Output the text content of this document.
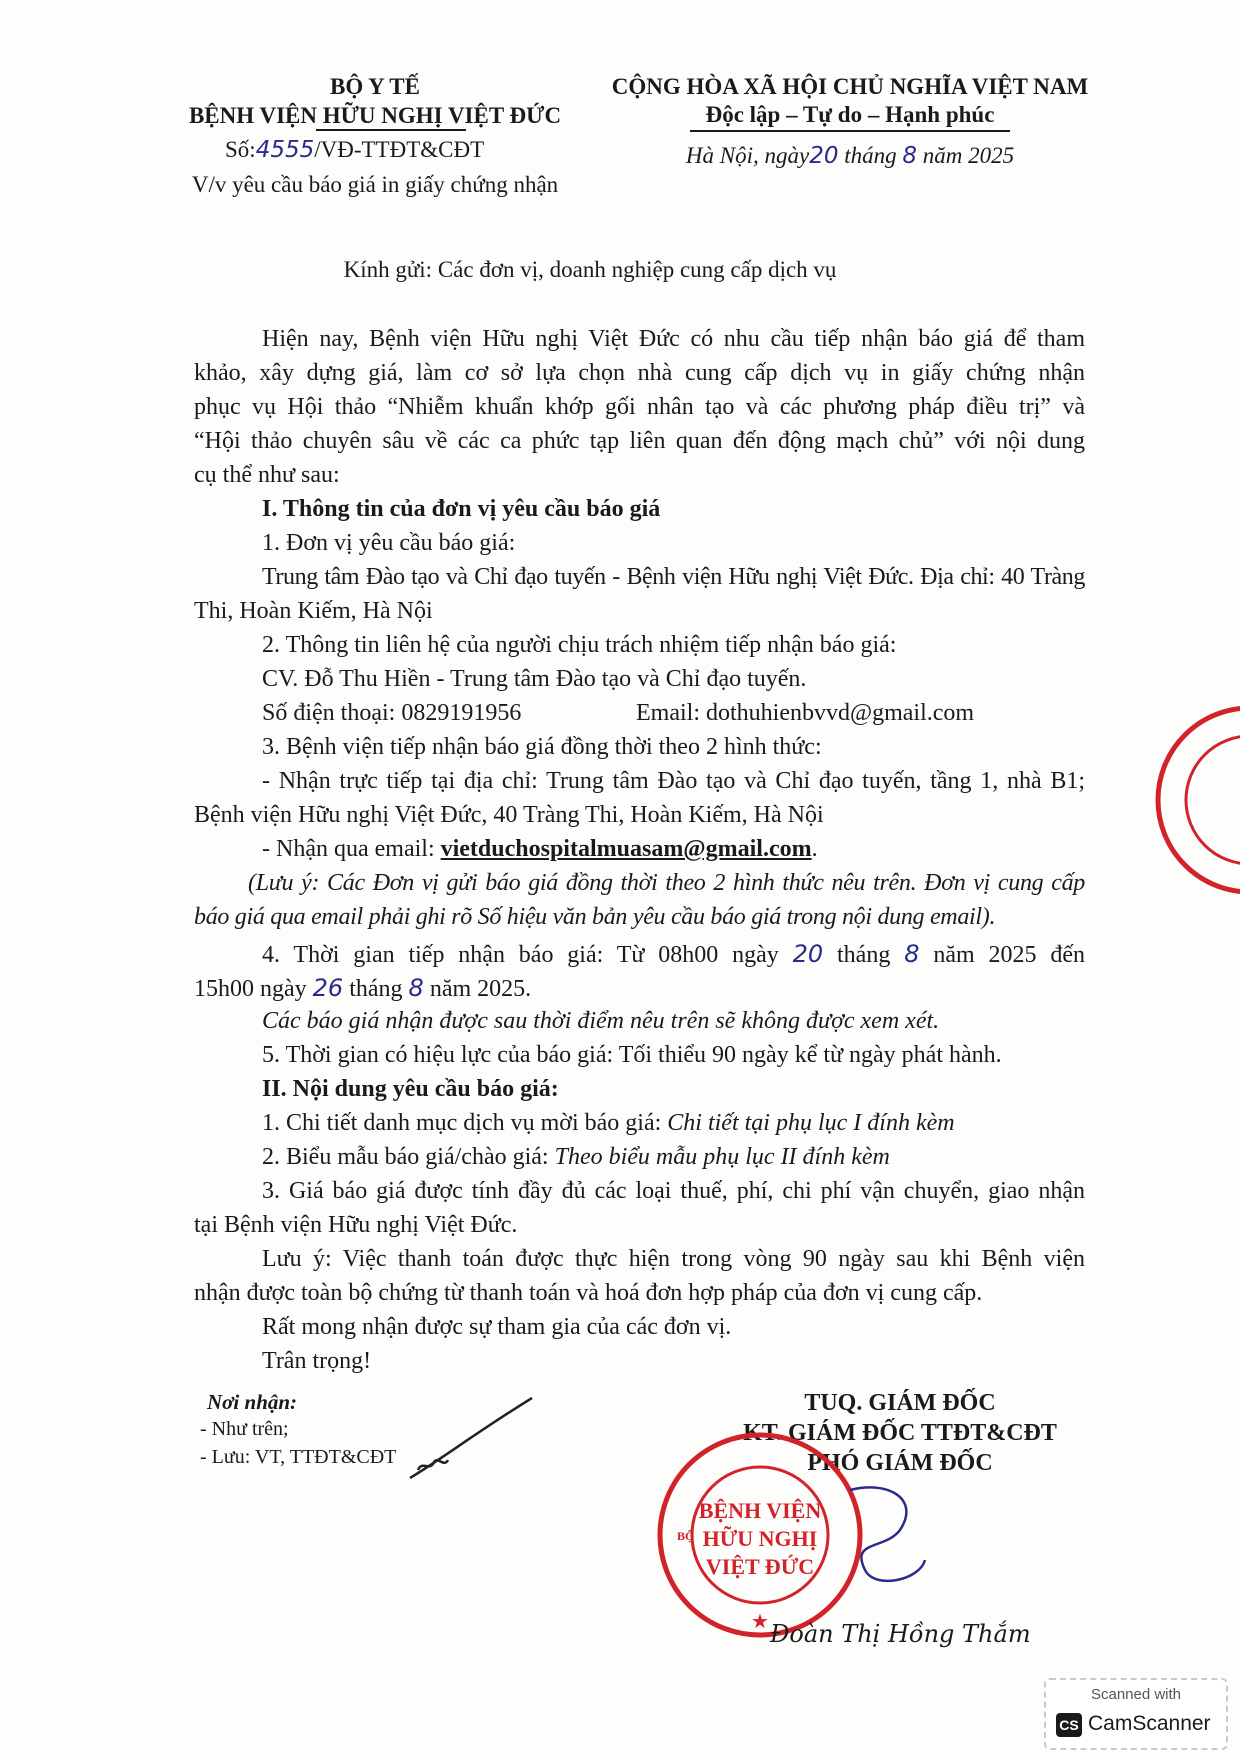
BỘ Y TẾ
BỆNH VIỆN HỮU NGHỊ VIỆT ĐỨC
Số:4555/VĐ-TTĐT&CĐT
V/v yêu cầu báo giá in giấy chứng nhận
CỘNG HÒA XÃ HỘI CHỦ NGHĨA VIỆT NAM
Độc lập – Tự do – Hạnh phúc
Hà Nội, ngày20 tháng 8 năm 2025
Kính gửi: Các đơn vị, doanh nghiệp cung cấp dịch vụ
Hiện nay, Bệnh viện Hữu nghị Việt Đức có nhu cầu tiếp nhận báo giá để tham
khảo, xây dựng giá, làm cơ sở lựa chọn nhà cung cấp dịch vụ in giấy chứng nhận
phục vụ Hội thảo “Nhiễm khuẩn khớp gối nhân tạo và các phương pháp điều trị” và
“Hội thảo chuyên sâu về các ca phức tạp liên quan đến động mạch chủ” với nội dung
cụ thể như sau:
I. Thông tin của đơn vị yêu cầu báo giá
1. Đơn vị yêu cầu báo giá:
Trung tâm Đào tạo và Chỉ đạo tuyến - Bệnh viện Hữu nghị Việt Đức. Địa chỉ: 40 Tràng
Thi, Hoàn Kiếm, Hà Nội
2. Thông tin liên hệ của người chịu trách nhiệm tiếp nhận báo giá:
CV. Đỗ Thu Hiền - Trung tâm Đào tạo và Chỉ đạo tuyến.
Số điện thoại: 0829191956	Email: dothuhienbvvd@gmail.com
3. Bệnh viện tiếp nhận báo giá đồng thời theo 2 hình thức:
- Nhận trực tiếp tại địa chỉ: Trung tâm Đào tạo và Chỉ đạo tuyến, tầng 1, nhà B1;
Bệnh viện Hữu nghị Việt Đức, 40 Tràng Thi, Hoàn Kiếm, Hà Nội
- Nhận qua email: vietduchospitalmuasam@gmail.com.
(Lưu ý: Các Đơn vị gửi báo giá đồng thời theo 2 hình thức nêu trên. Đơn vị cung cấp
báo giá qua email phải ghi rõ Số hiệu văn bản yêu cầu báo giá trong nội dung email).
4. Thời gian tiếp nhận báo giá: Từ 08h00 ngày 20 tháng 8 năm 2025 đến
15h00 ngày 26 tháng 8 năm 2025.
Các báo giá nhận được sau thời điểm nêu trên sẽ không được xem xét.
5. Thời gian có hiệu lực của báo giá: Tối thiểu 90 ngày kể từ ngày phát hành.
II. Nội dung yêu cầu báo giá:
1. Chi tiết danh mục dịch vụ mời báo giá: Chi tiết tại phụ lục I đính kèm
2. Biểu mẫu báo giá/chào giá: Theo biểu mẫu phụ lục II đính kèm
3. Giá báo giá được tính đầy đủ các loại thuế, phí, chi phí vận chuyển, giao nhận
tại Bệnh viện Hữu nghị Việt Đức.
Lưu ý: Việc thanh toán được thực hiện trong vòng 90 ngày sau khi Bệnh viện
nhận được toàn bộ chứng từ thanh toán và hoá đơn hợp pháp của đơn vị cung cấp.
Rất mong nhận được sự tham gia của các đơn vị.
Trân trọng!
Nơi nhận:
- Như trên;
- Lưu: VT, TTĐT&CĐT
TUQ. GIÁM ĐỐC
KT. GIÁM ĐỐC TTĐT&CĐT
PHÓ GIÁM ĐỐC
★
BỘ
BỆNH VIỆN
HỮU NGHỊ
VIỆT ĐỨC
Đoàn Thị Hồng Thắm
Scanned with
CS CamScanner
